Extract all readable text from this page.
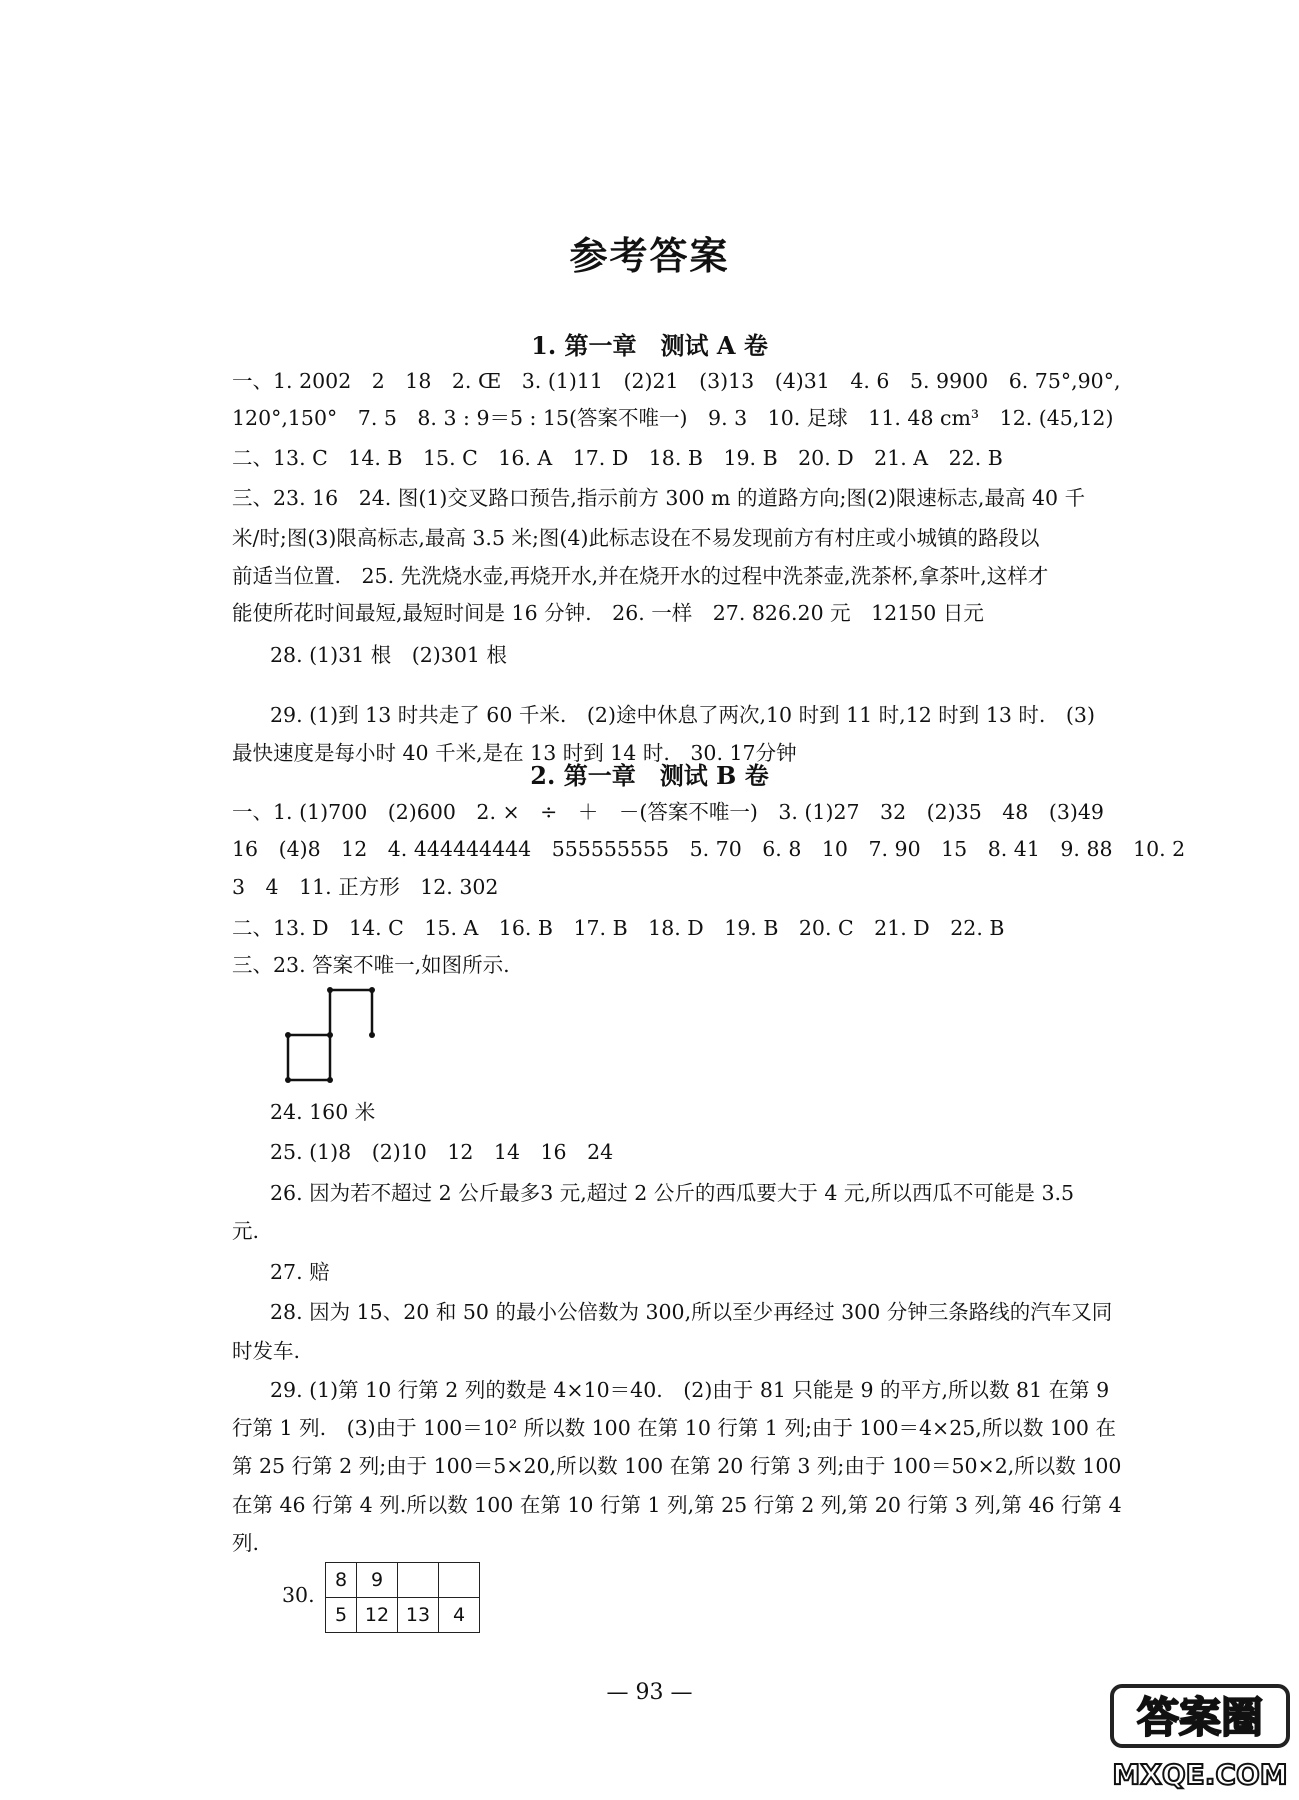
参考答案
1. 第一章　测试 A 卷
一、1. 2002　2　18　2. Œ　3. (1)11　(2)21　(3)13　(4)31　4. 6　5. 9900　6. 75°,90°,
120°,150°　7. 5　8. 3 : 9＝5 : 15(答案不唯一)　9. 3　10. 足球　11. 48 cm³　12. (45,12)
二、13. C　14. B　15. C　16. A　17. D　18. B　19. B　20. D　21. A　22. B
三、23. 16　24. 图(1)交叉路口预告,指示前方 300 m 的道路方向;图(2)限速标志,最高 40 千
米/时;图(3)限高标志,最高 3.5 米;图(4)此标志设在不易发现前方有村庄或小城镇的路段以
前适当位置.　25. 先洗烧水壶,再烧开水,并在烧开水的过程中洗茶壶,洗茶杯,拿茶叶,这样才
能使所花时间最短,最短时间是 16 分钟.　26. 一样　27. 826.20 元　12150 日元
28. (1)31 根　(2)301 根
29. (1)到 13 时共走了 60 千米.　(2)途中休息了两次,10 时到 11 时,12 时到 13 时.　(3)
最快速度是每小时 40 千米,是在 13 时到 14 时.　30. 17分钟
2. 第一章　测试 B 卷
一、1. (1)700　(2)600　2. ×　÷　＋　－(答案不唯一)　3. (1)27　32　(2)35　48　(3)49
16　(4)8　12　4. 444444444　555555555　5. 70　6. 8　10　7. 90　15　8. 41　9. 88　10. 2
3　4　11. 正方形　12. 302
二、13. D　14. C　15. A　16. B　17. B　18. D　19. B　20. C　21. D　22. B
三、23. 答案不唯一,如图所示.
24. 160 米
25. (1)8　(2)10　12　14　16　24
26. 因为若不超过 2 公斤最多3 元,超过 2 公斤的西瓜要大于 4 元,所以西瓜不可能是 3.5
元.
27. 赔
28. 因为 15、20 和 50 的最小公倍数为 300,所以至少再经过 300 分钟三条路线的汽车又同
时发车.
29. (1)第 10 行第 2 列的数是 4×10＝40.　(2)由于 81 只能是 9 的平方,所以数 81 在第 9
行第 1 列.　(3)由于 100＝10² 所以数 100 在第 10 行第 1 列;由于 100＝4×25,所以数 100 在
第 25 行第 2 列;由于 100＝5×20,所以数 100 在第 20 行第 3 列;由于 100＝50×2,所以数 100
在第 46 行第 4 列.所以数 100 在第 10 行第 1 列,第 25 行第 2 列,第 20 行第 3 列,第 46 行第 4
列.
30.
8	9		
5	12	13	4
— 93 —
答案圈
MXQE.COM
